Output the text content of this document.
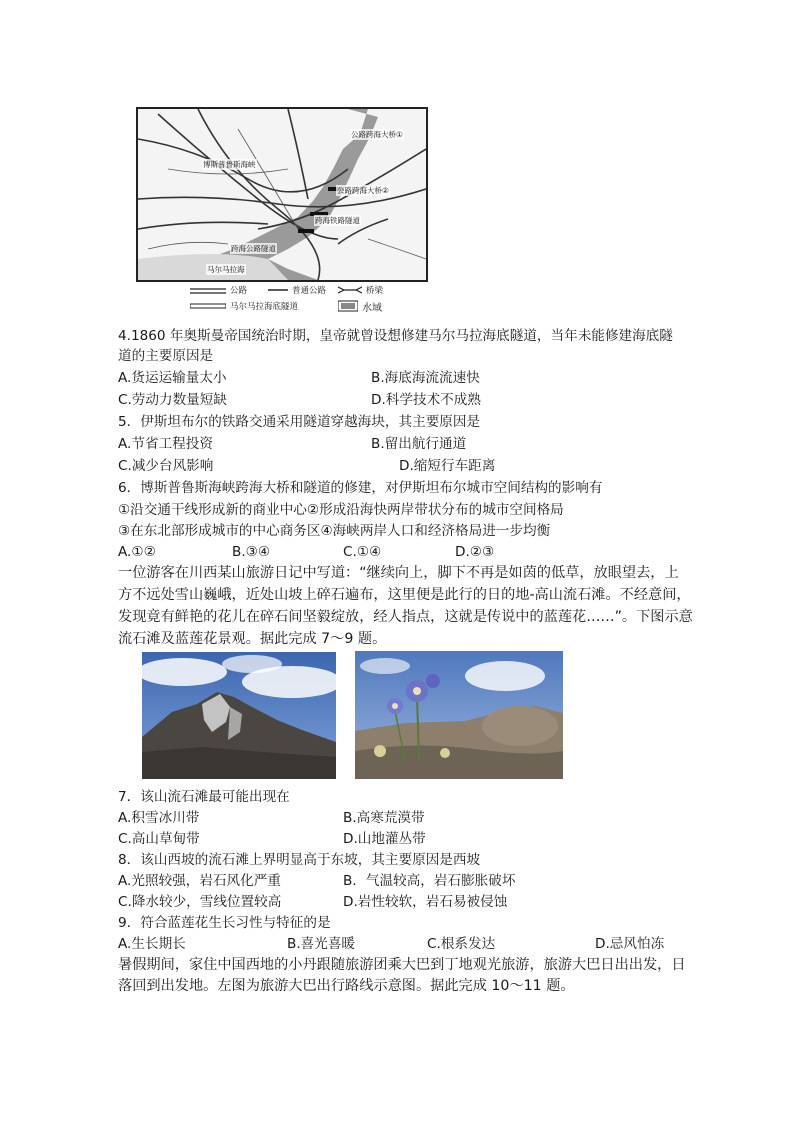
公路跨海大桥①
博斯普鲁斯海峡
公路跨海大桥②
跨海铁路隧道
跨海公路隧道
马尔马拉海
公路	普通公路	桥梁
马尔马拉海底隧道	水域
4.1860 年奥斯曼帝国统治时期，皇帝就曾设想修建马尔马拉海底隧道，当年未能修建海底隧
道的主要原因是
A.货运运输量太小	B.海底海流流速快
C.劳动力数量短缺	D.科学技术不成熟
5．伊斯坦布尔的铁路交通采用隧道穿越海块，其主要原因是
A.节省工程投资	B.留出航行通道
C.减少台风影响	D.缩短行车距离
6．博斯普鲁斯海峡跨海大桥和隧道的修建，对伊斯坦布尔城市空间结构的影响有
①沿交通干线形成新的商业中心②形成沿海快两岸带状分布的城市空间格局
③在东北部形成城市的中心商务区④海峡两岸人口和经济格局进一步均衡
A.①②	B.③④	C.①④	D.②③
一位游客在川西某山旅游日记中写道：“继续向上，脚下不再是如茵的低草，放眼望去，上
方不远处雪山巍峨，近处山坡上碎石遍布，这里便是此行的日的地-高山流石滩。不经意间，
发现竟有鲜艳的花儿在碎石间坚毅绽放，经人指点，这就是传说中的蓝莲花……”。下图示意
流石滩及蓝莲花景观。据此完成 7～9 题。
7．该山流石滩最可能出现在
A.积雪冰川带	B.高寒荒漠带
C.高山草甸带	D.山地灌丛带
8．该山西坡的流石滩上界明显高于东坡，其主要原因是西坡
A.光照较强，岩石风化严重	B．气温较高，岩石膨胀破坏
C.降水较少，雪线位置较高	D.岩性较软，岩石易被侵蚀
9．符合蓝莲花生长习性与特征的是
A.生长期长	B.喜光喜暖	C.根系发达	D.忌风怕冻
暑假期间，家住中国西地的小丹跟随旅游团乘大巴到丁地观光旅游，旅游大巴日出出发，日
落回到出发地。左图为旅游大巴出行路线示意图。据此完成 10～11 题。
